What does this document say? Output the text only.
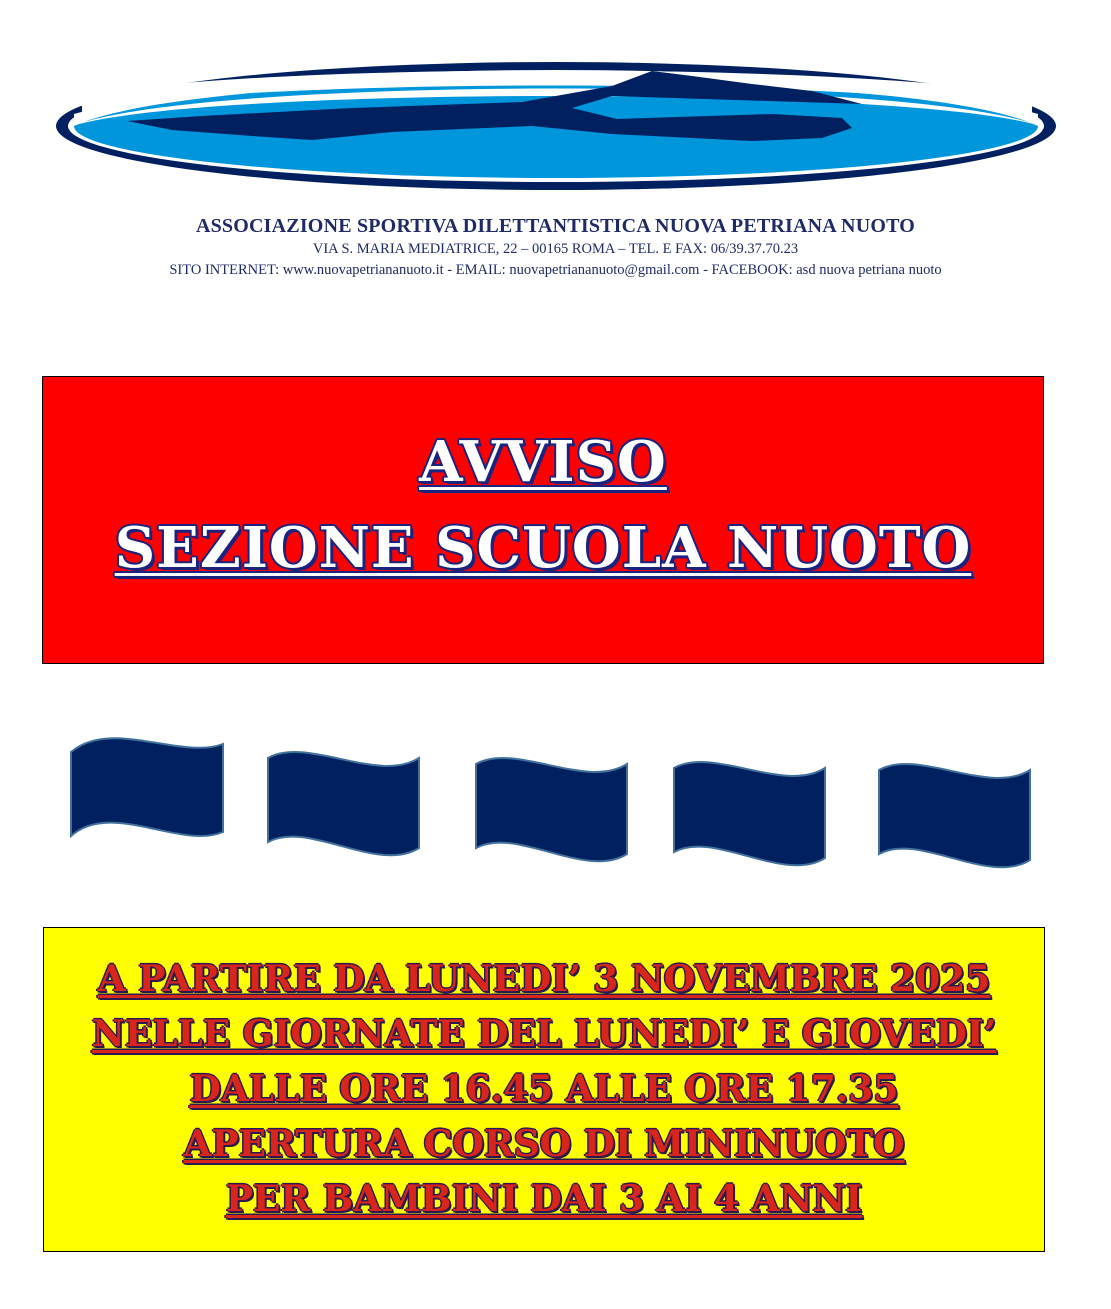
ASSOCIAZIONE SPORTIVA DILETTANTISTICA NUOVA PETRIANA NUOTO

VIA S. MARIA MEDIATRICE, 22 – 00165 ROMA – TEL. E FAX: 06/39.37.70.23

SITO INTERNET: www.nuovapetriananuoto.it - EMAIL: nuovapetriananuoto@gmail.com - FACEBOOK: asd nuova petriana nuoto

AVVISO
SEZIONE SCUOLA NUOTO
A PARTIRE DA LUNEDI’ 3 NOVEMBRE 2025
NELLE GIORNATE DEL LUNEDI’ E GIOVEDI’
DALLE ORE 16.45 ALLE ORE 17.35
APERTURA CORSO DI MININUOTO
PER BAMBINI DAI 3 AI 4 ANNI
